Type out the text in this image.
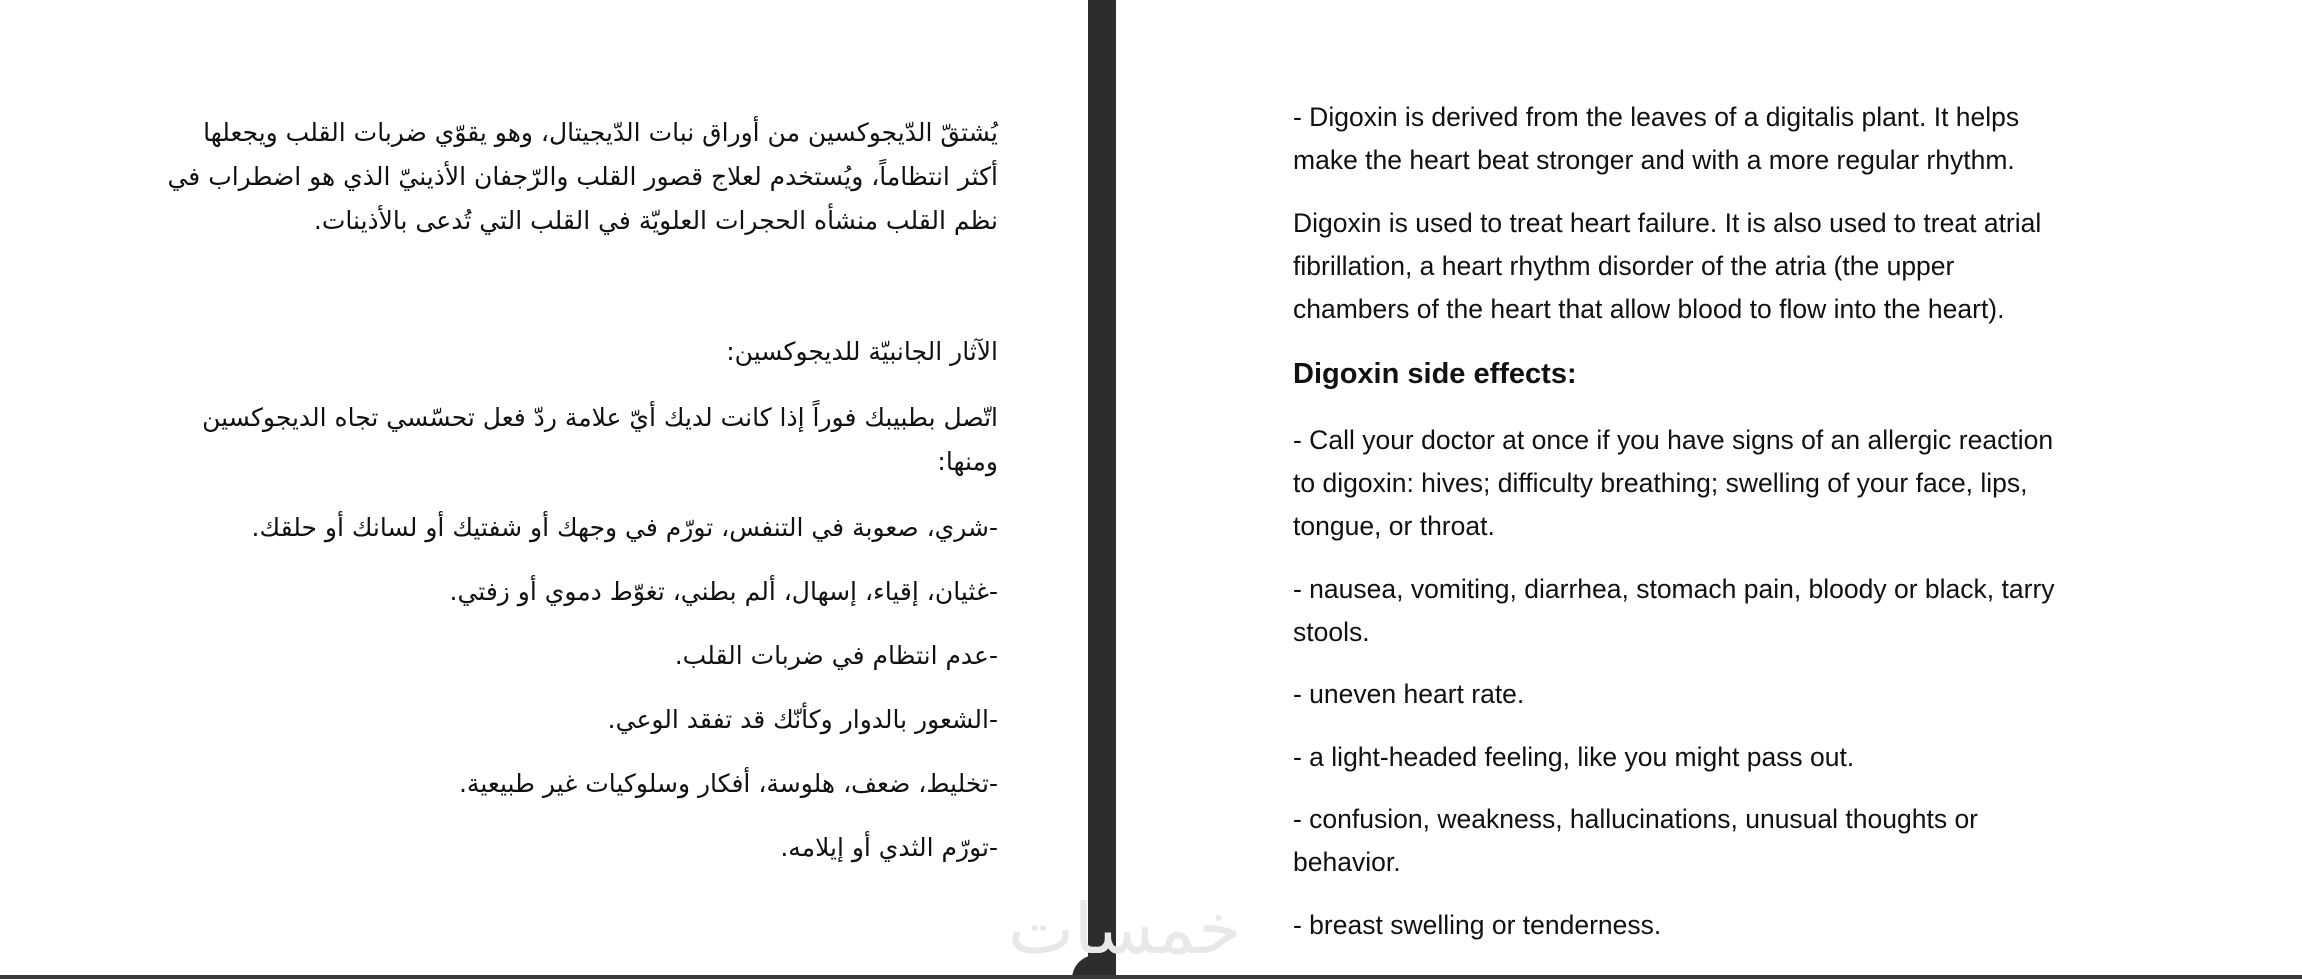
يُشتقّ الدّيجوكسين من أوراق نبات الدّيجيتال، وهو يقوّي ضربات القلب ويجعلها
أكثر انتظاماً، ويُستخدم لعلاج قصور القلب والرّجفان الأذينيّ الذي هو اضطراب في
نظم القلب منشأه الحجرات العلويّة في القلب التي تُدعى بالأذينات.

الآثار الجانبيّة للديجوكسين:

اتّصل بطبيبك فوراً إذا كانت لديك أيّ علامة ردّ فعل تحسّسي تجاه الديجوكسين
ومنها:

-شري، صعوبة في التنفس، تورّم في وجهك أو شفتيك أو لسانك أو حلقك.

-غثيان، إقياء، إسهال، ألم بطني، تغوّط دموي أو زفتي.

-عدم انتظام في ضربات القلب.

-الشعور بالدوار وكأنّك قد تفقد الوعي.

-تخليط، ضعف، هلوسة، أفكار وسلوكيات غير طبيعية.

-تورّم الثدي أو إيلامه.

- Digoxin is derived from the leaves of a digitalis plant. It helps
make the heart beat stronger and with a more regular rhythm.

Digoxin is used to treat heart failure. It is also used to treat atrial
fibrillation, a heart rhythm disorder of the atria (the upper
chambers of the heart that allow blood to flow into the heart).

Digoxin side effects:

- Call your doctor at once if you have signs of an allergic reaction
to digoxin: hives; difficulty breathing; swelling of your face, lips,
tongue, or throat.

- nausea, vomiting, diarrhea, stomach pain, bloody or black, tarry
stools.

- uneven heart rate.

- a light-headed feeling, like you might pass out.

- confusion, weakness, hallucinations, unusual thoughts or
behavior.

- breast swelling or tenderness.

خمسات
